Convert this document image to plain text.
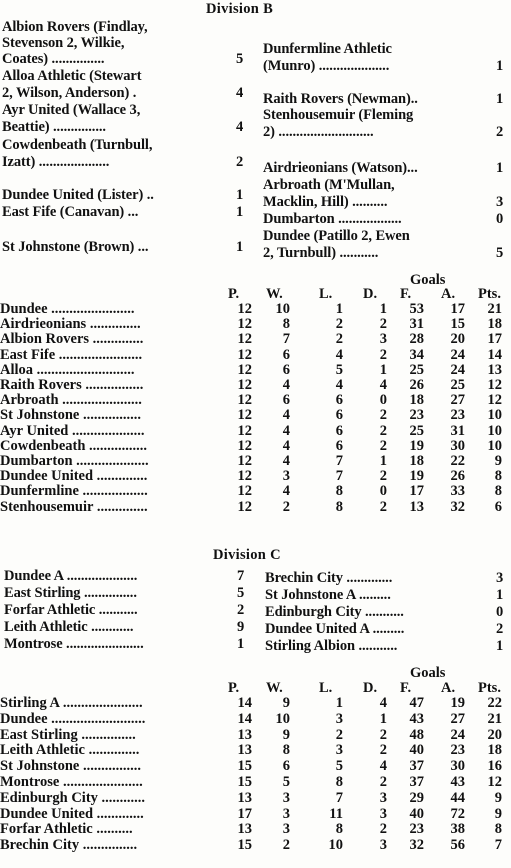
Division B
Albion Rovers (Findlay,
Stevenson 2, Wilkie,
Coates) ...............	5
Alloa Athletic (Stewart
2, Wilson, Anderson) .	4
Ayr United (Wallace 3,
Beattie) ...............	4
Cowdenbeath (Turnbull,
Izatt) ....................	2
Dundee United (Lister) ..	1
East Fife (Canavan) ...	1
St Johnstone (Brown) ...	1
Dunfermline Athletic
(Munro) ....................	1
Raith Rovers (Newman)..	1
Stenhousemuir (Fleming
2) ...........................	2
Airdrieonians (Watson)...	1
Arbroath (M'Mullan,
Macklin, Hill) ..........	3
Dumbarton ..................	0
Dundee (Patillo 2, Ewen
2, Turnbull) ...........	5
Goals
P. W. L. D. F. A. Pts.
Dundee .......................	12	10	1	1	53	17	21
Airdrieonians ..............	12	8	2	2	31	15	18
Albion Rovers ..............	12	7	2	3	28	20	17
East Fife .......................	12	6	4	2	34	24	14
Alloa ...........................	12	6	5	1	25	24	13
Raith Rovers ................	12	4	4	4	26	25	12
Arbroath ......................	12	6	6	0	18	27	12
St Johnstone ................	12	4	6	2	23	23	10
Ayr United ....................	12	4	6	2	25	31	10
Cowdenbeath ................	12	4	6	2	19	30	10
Dumbarton ....................	12	4	7	1	18	22	9
Dundee United ..............	12	3	7	2	19	26	8
Dunfermline ..................	12	4	8	0	17	33	8
Stenhousemuir ..............	12	2	8	2	13	32	6
Division C
Dundee A ....................	7
East Stirling ...............	5
Forfar Athletic ...........	2
Leith Athletic ............	9
Montrose ......................	1
Brechin City .............	3
St Johnstone A .........	1
Edinburgh City ...........	0
Dundee United A .........	2
Stirling Albion ...........	1
Goals
P. W. L. D. F. A. Pts.
Stirling A ......................	14	9	1	4	47	19	22
Dundee ..........................	14	10	3	1	43	27	21
East Stirling ...............	13	9	2	2	48	24	20
Leith Athletic ..............	13	8	3	2	40	23	18
St Johnstone ................	15	6	5	4	37	30	16
Montrose ......................	15	5	8	2	37	43	12
Edinburgh City ............	13	3	7	3	29	44	9
Dundee United .............	17	3	11	3	40	72	9
Forfar Athletic ..........	13	3	8	2	23	38	8
Brechin City ...............	15	2	10	3	32	56	7
